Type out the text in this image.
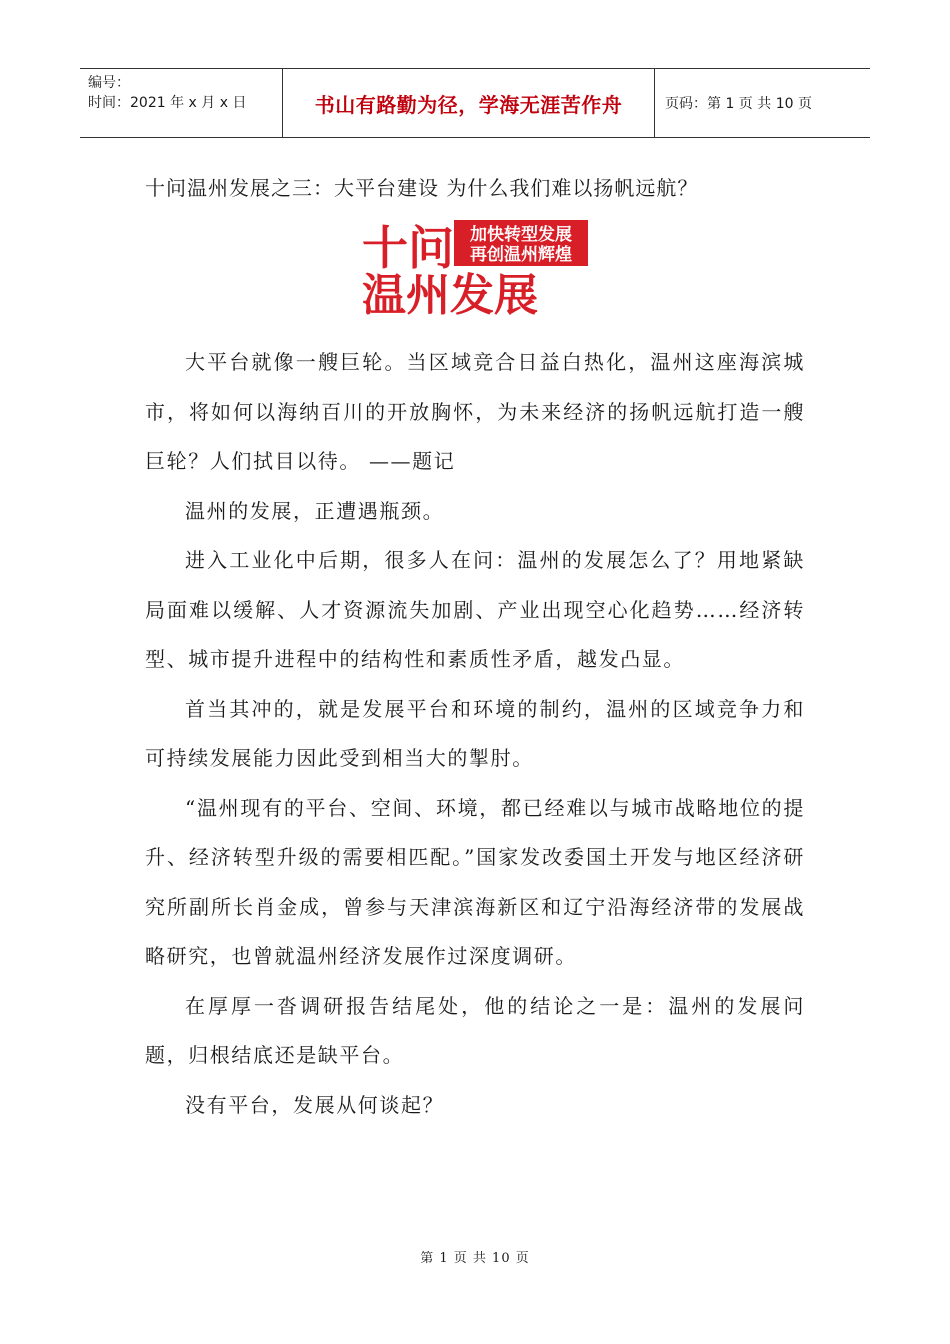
编号：
时间：2021 年 x 月 x 日	书山有路勤为径，学海无涯苦作舟	页码：第 1 页 共 10 页
十问温州发展之三：大平台建设 为什么我们难以扬帆远航？
十问 加快转型发展
再创温州辉煌
温州发展

大平台就像一艘巨轮。当区域竞合日益白热化，温州这座海滨城市，将如何以海纳百川的开放胸怀，为未来经济的扬帆远航打造一艘巨轮？人们拭目以待。 ——题记

温州的发展，正遭遇瓶颈。

进入工业化中后期，很多人在问：温州的发展怎么了？用地紧缺局面难以缓解、人才资源流失加剧、产业出现空心化趋势……经济转型、城市提升进程中的结构性和素质性矛盾，越发凸显。

首当其冲的，就是发展平台和环境的制约，温州的区域竞争力和可持续发展能力因此受到相当大的掣肘。

“温州现有的平台、空间、环境，都已经难以与城市战略地位的提升、经济转型升级的需要相匹配。”国家发改委国土开发与地区经济研究所副所长肖金成，曾参与天津滨海新区和辽宁沿海经济带的发展战略研究，也曾就温州经济发展作过深度调研。

在厚厚一沓调研报告结尾处，他的结论之一是：温州的发展问题，归根结底还是缺平台。

没有平台，发展从何谈起？

第 1 页 共 10 页
